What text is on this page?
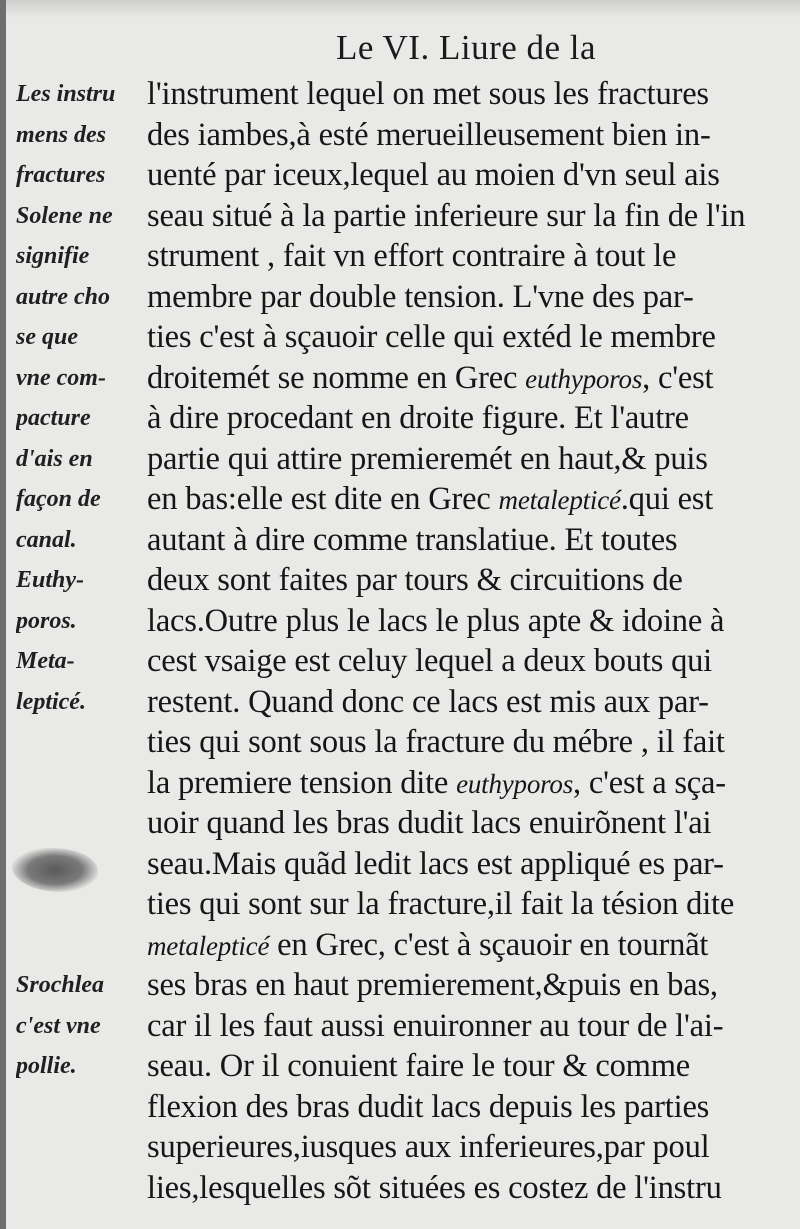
Le VI. Liure de la
Les instru
mens des
fractures
Solene ne
signifie
autre cho
se que
vne com-
pacture
d'ais en
façon de
canal.
Euthy-
poros.
Meta-
lepticé.
Srochlea
c'est vne
pollie.
l'instrument lequel on met sous les fractures
des iambes,à esté merueilleusement bien in-
uenté par iceux,lequel au moien d'vn seul ais
seau situé à la partie inferieure sur la fin de l'in
strument , fait vn effort contraire à tout le
membre par double tension. L'vne des par-
ties c'est à sçauoir celle qui extéd le membre
droitemét se nomme en Grec euthyporos, c'est
à dire procedant en droite figure. Et l'autre
partie qui attire premieremét en haut,& puis
en bas:elle est dite en Grec metalepticé.qui est
autant à dire comme translatiue. Et toutes
deux sont faites par tours & circuitions de
lacs.Outre plus le lacs le plus apte & idoine à
cest vsaige est celuy lequel a deux bouts qui
restent. Quand donc ce lacs est mis aux par-
ties qui sont sous la fracture du mébre , il fait
la premiere tension dite euthyporos, c'est a sça-
uoir quand les bras dudit lacs enuirõnent l'ai
seau.Mais quãd ledit lacs est appliqué es par-
ties qui sont sur la fracture,il fait la tésion dite
metalepticé en Grec, c'est à sçauoir en tournãt
ses bras en haut premierement,&puis en bas,
car il les faut aussi enuironner au tour de l'ai-
seau. Or il conuient faire le tour & comme
flexion des bras dudit lacs depuis les parties
superieures,iusques aux inferieures,par poul
lies,lesquelles sõt situées es costez de l'instru
